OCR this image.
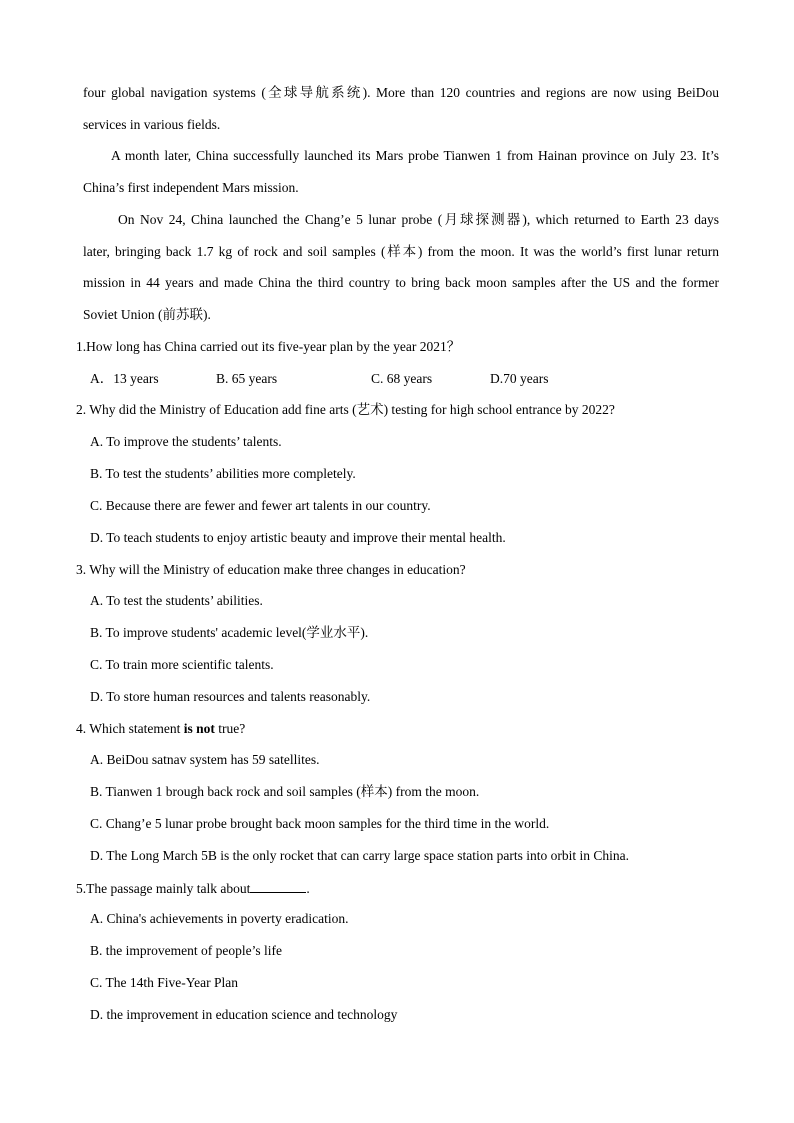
four global navigation systems (全球导航系统). More than 120 countries and regions are now using BeiDou
services in various fields.
A month later, China successfully launched its Mars probe Tianwen 1 from Hainan province on July 23. It’s
China’s first independent Mars mission.
On Nov 24, China launched the Chang’e 5 lunar probe (月球探测器), which returned to Earth 23 days
later, bringing back 1.7 kg of rock and soil samples (样本) from the moon. It was the world’s first lunar return
mission in 44 years and made China the third country to bring back moon samples after the US and the former
Soviet Union (前苏联).
1.How long has China carried out its five-year plan by the year 2021？
A．13 years	B. 65 years	C. 68 years	D.70 years
2. Why did the Ministry of Education add fine arts (艺术) testing for high school entrance by 2022?
A. To improve the students’ talents.
B. To test the students’ abilities more completely.
C. Because there are fewer and fewer art talents in our country.
D. To teach students to enjoy artistic beauty and improve their mental health.
3. Why will the Ministry of education make three changes in education?
A. To test the students’ abilities.
B. To improve students' academic level(学业水平).
C. To train more scientific talents.
D. To store human resources and talents reasonably.
4. Which statement is not true?
A. BeiDou satnav system has 59 satellites.
B. Tianwen 1 brough back rock and soil samples (样本) from the moon.
C. Chang’e 5 lunar probe brought back moon samples for the third time in the world.
D. The Long March 5B is the only rocket that can carry large space station parts into orbit in China.
5.The passage mainly talk about	.
A. China's achievements in poverty eradication.
B. the improvement of people’s life
C. The 14th Five-Year Plan
D. the improvement in education science and technology
